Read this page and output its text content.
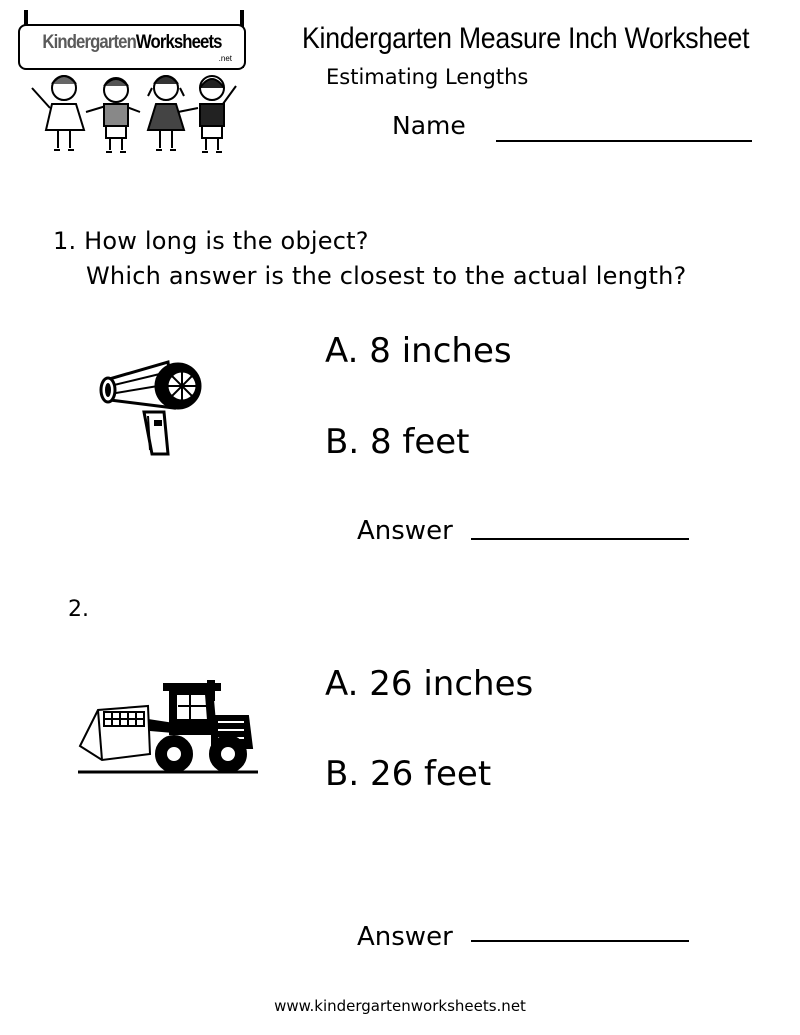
KindergartenWorksheets
.net
Kindergarten Measure Inch Worksheet
Estimating Lengths
Name
1. How long is the object?
Which answer is the closest to the actual length?
A. 8 inches
B. 8 feet
Answer
2.
A. 26 inches
B. 26 feet
Answer
www.kindergartenworksheets.net
